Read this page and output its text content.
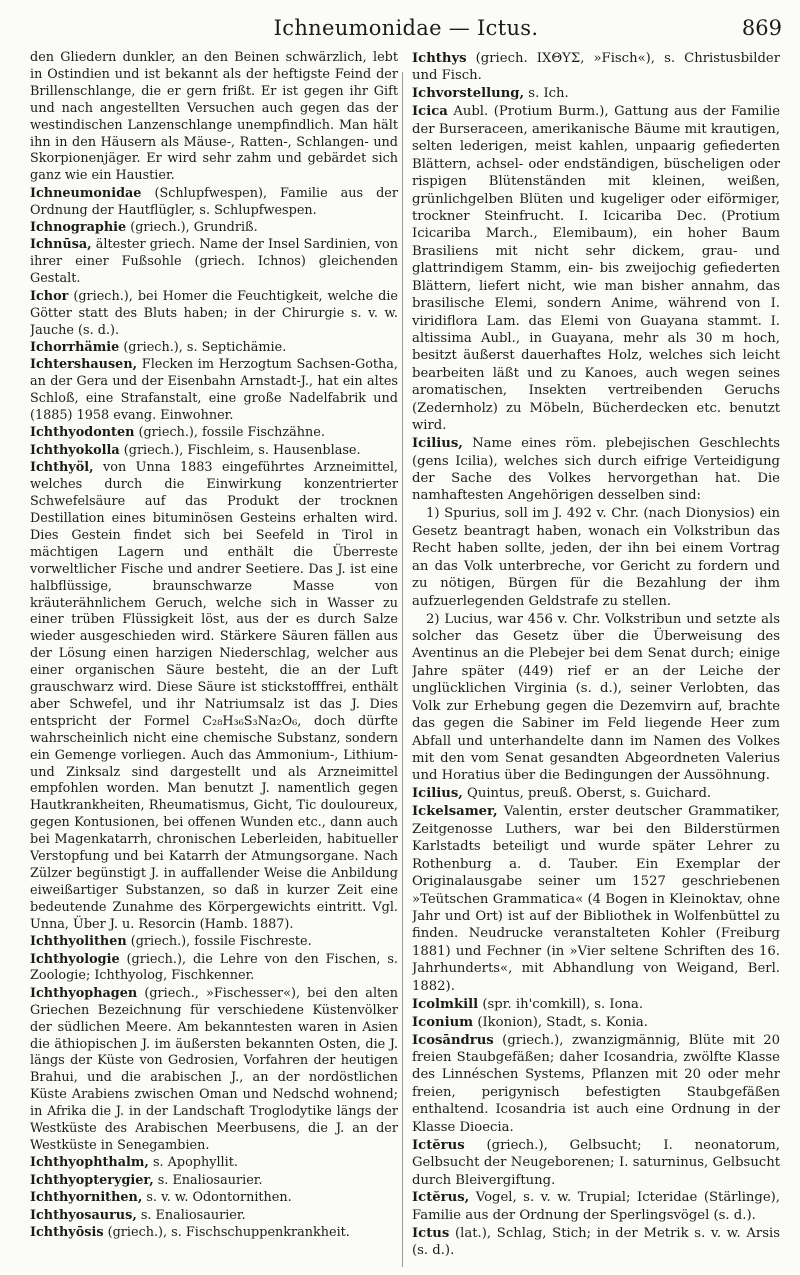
Ichneumonidae — Ictus.	869

den Gliedern dunkler, an den Beinen schwärzlich, lebt in Ostindien und ist bekannt als der heftigste Feind der Brillenschlange, die er gern frißt. Er ist gegen ihr Gift und nach angestellten Versuchen auch gegen das der westindischen Lanzenschlange unempfindlich. Man hält ihn in den Häusern als Mäuse-, Ratten-, Schlangen- und Skorpionenjäger. Er wird sehr zahm und gebärdet sich ganz wie ein Haustier.

Ichneumonidae (Schlupfwespen), Familie aus der Ordnung der Hautflügler, s. Schlupfwespen.

Ichnographie (griech.), Grundriß.

Ichnūsa, ältester griech. Name der Insel Sardinien, von ihrer einer Fußsohle (griech. Ichnos) gleichenden Gestalt.

Ichor (griech.), bei Homer die Feuchtigkeit, welche die Götter statt des Bluts haben; in der Chirurgie s. v. w. Jauche (s. d.).

Ichorrhämie (griech.), s. Septichämie.

Ichtershausen, Flecken im Herzogtum Sachsen-Gotha, an der Gera und der Eisenbahn Arnstadt-J., hat ein altes Schloß, eine Strafanstalt, eine große Nadelfabrik und (1885) 1958 evang. Einwohner.

Ichthyodonten (griech.), fossile Fischzähne.

Ichthyokolla (griech.), Fischleim, s. Hausenblase.

Ichthyöl, von Unna 1883 eingeführtes Arzneimittel, welches durch die Einwirkung konzentrierter Schwefelsäure auf das Produkt der trocknen Destillation eines bituminösen Gesteins erhalten wird. Dies Gestein findet sich bei Seefeld in Tirol in mächtigen Lagern und enthält die Überreste vorweltlicher Fische und andrer Seetiere. Das J. ist eine halbflüssige, braunschwarze Masse von kräuterähnlichem Geruch, welche sich in Wasser zu einer trüben Flüssigkeit löst, aus der es durch Salze wieder ausgeschieden wird. Stärkere Säuren fällen aus der Lösung einen harzigen Niederschlag, welcher aus einer organischen Säure besteht, die an der Luft grauschwarz wird. Diese Säure ist stickstofffrei, enthält aber Schwefel, und ihr Natriumsalz ist das J. Dies entspricht der Formel C₂₈H₃₆S₃Na₂O₆, doch dürfte wahrscheinlich nicht eine chemische Substanz, sondern ein Gemenge vorliegen. Auch das Ammonium-, Lithium- und Zinksalz sind dargestellt und als Arzneimittel empfohlen worden. Man benutzt J. namentlich gegen Hautkrankheiten, Rheumatismus, Gicht, Tic douloureux, gegen Kontusionen, bei offenen Wunden etc., dann auch bei Magenkatarrh, chronischen Leberleiden, habitueller Verstopfung und bei Katarrh der Atmungsorgane. Nach Zülzer begünstigt J. in auffallender Weise die Anbildung eiweißartiger Substanzen, so daß in kurzer Zeit eine bedeutende Zunahme des Körpergewichts eintritt. Vgl. Unna, Über J. u. Resorcin (Hamb. 1887).

Ichthyolithen (griech.), fossile Fischreste.

Ichthyologie (griech.), die Lehre von den Fischen, s. Zoologie; Ichthyolog, Fischkenner.

Ichthyophagen (griech., »Fischesser«), bei den alten Griechen Bezeichnung für verschiedene Küstenvölker der südlichen Meere. Am bekanntesten waren in Asien die äthiopischen J. im äußersten bekannten Osten, die J. längs der Küste von Gedrosien, Vorfahren der heutigen Brahui, und die arabischen J., an der nordöstlichen Küste Arabiens zwischen Oman und Nedschd wohnend; in Afrika die J. in der Landschaft Troglodytike längs der Westküste des Arabischen Meerbusens, die J. an der Westküste in Senegambien.

Ichthyophthalm, s. Apophyllit.

Ichthyopterygier, s. Enaliosaurier.

Ichthyornithen, s. v. w. Odontornithen.

Ichthyosaurus, s. Enaliosaurier.

Ichthyōsis (griech.), s. Fischschuppenkrankheit.

Ichthys (griech. ΙΧΘΥΣ, »Fisch«), s. Christusbilder und Fisch.

Ichvorstellung, s. Ich.

Icica Aubl. (Protium Burm.), Gattung aus der Familie der Burseraceen, amerikanische Bäume mit krautigen, selten lederigen, meist kahlen, unpaarig gefiederten Blättern, achsel- oder endständigen, büscheligen oder rispigen Blütenständen mit kleinen, weißen, grünlichgelben Blüten und kugeliger oder eiförmiger, trockner Steinfrucht. I. Icicariba Dec. (Protium Icicariba March., Elemibaum), ein hoher Baum Brasiliens mit nicht sehr dickem, grau- und glattrindigem Stamm, ein- bis zweijochig gefiederten Blättern, liefert nicht, wie man bisher annahm, das brasilische Elemi, sondern Anime, während von I. viridiflora Lam. das Elemi von Guayana stammt. I. altissima Aubl., in Guayana, mehr als 30 m hoch, besitzt äußerst dauerhaftes Holz, welches sich leicht bearbeiten läßt und zu Kanoes, auch wegen seines aromatischen, Insekten vertreibenden Geruchs (Zedernholz) zu Möbeln, Bücherdecken etc. benutzt wird.

Icilius, Name eines röm. plebejischen Geschlechts (gens Icilia), welches sich durch eifrige Verteidigung der Sache des Volkes hervorgethan hat. Die namhaftesten Angehörigen desselben sind:

1) Spurius, soll im J. 492 v. Chr. (nach Dionysios) ein Gesetz beantragt haben, wonach ein Volkstribun das Recht haben sollte, jeden, der ihn bei einem Vortrag an das Volk unterbreche, vor Gericht zu fordern und zu nötigen, Bürgen für die Bezahlung der ihm aufzuerlegenden Geldstrafe zu stellen.

2) Lucius, war 456 v. Chr. Volkstribun und setzte als solcher das Gesetz über die Überweisung des Aventinus an die Plebejer bei dem Senat durch; einige Jahre später (449) rief er an der Leiche der unglücklichen Virginia (s. d.), seiner Verlobten, das Volk zur Erhebung gegen die Dezemvirn auf, brachte das gegen die Sabiner im Feld liegende Heer zum Abfall und unterhandelte dann im Namen des Volkes mit den vom Senat gesandten Abgeordneten Valerius und Horatius über die Bedingungen der Aussöhnung.

Icilius, Quintus, preuß. Oberst, s. Guichard.

Ickelsamer, Valentin, erster deutscher Grammatiker, Zeitgenosse Luthers, war bei den Bilderstürmen Karlstadts beteiligt und wurde später Lehrer zu Rothenburg a. d. Tauber. Ein Exemplar der Originalausgabe seiner um 1527 geschriebenen »Teütschen Grammatica« (4 Bogen in Kleinoktav, ohne Jahr und Ort) ist auf der Bibliothek in Wolfenbüttel zu finden. Neudrucke veranstalteten Kohler (Freiburg 1881) und Fechner (in »Vier seltene Schriften des 16. Jahrhunderts«, mit Abhandlung von Weigand, Berl. 1882).

Icolmkill (spr. ih'comkill), s. Iona.

Iconium (Ikonion), Stadt, s. Konia.

Icosāndrus (griech.), zwanzigmännig, Blüte mit 20 freien Staubgefäßen; daher Icosandria, zwölfte Klasse des Linnéschen Systems, Pflanzen mit 20 oder mehr freien, perigynisch befestigten Staubgefäßen enthaltend. Icosandria ist auch eine Ordnung in der Klasse Dioecia.

Ictĕrus (griech.), Gelbsucht; I. neonatorum, Gelbsucht der Neugeborenen; I. saturninus, Gelbsucht durch Bleivergiftung.

Ictĕrus, Vogel, s. v. w. Trupial; Icteridae (Stärlinge), Familie aus der Ordnung der Sperlingsvögel (s. d.).

Ictus (lat.), Schlag, Stich; in der Metrik s. v. w. Arsis (s. d.).
